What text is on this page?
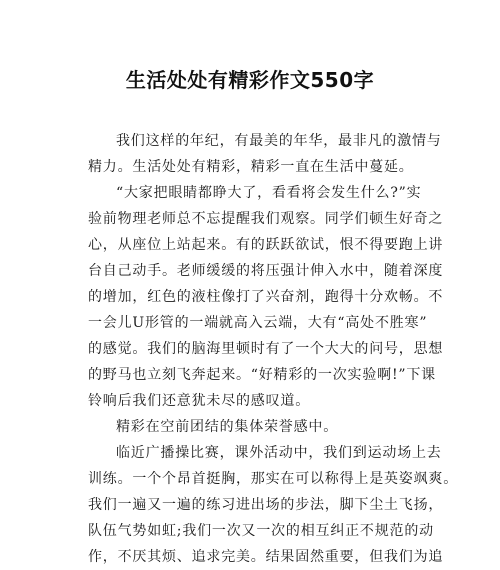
生活处处有精彩作文550字
我们这样的年纪，有最美的年华，最非凡的激情与
精力。生活处处有精彩，精彩一直在生活中蔓延。
“大家把眼睛都睁大了，看看将会发生什么?”实
验前物理老师总不忘提醒我们观察。同学们顿生好奇之
心，从座位上站起来。有的跃跃欲试，恨不得要跑上讲
台自己动手。老师缓缓的将压强计伸入水中，随着深度
的增加，红色的液柱像打了兴奋剂，跑得十分欢畅。不
一会儿U形管的一端就高入云端，大有“高处不胜寒”
的感觉。我们的脑海里顿时有了一个大大的问号，思想
的野马也立刻飞奔起来。“好精彩的一次实验啊!”下课
铃响后我们还意犹未尽的感叹道。
精彩在空前团结的集体荣誉感中。
临近广播操比赛，课外活动中，我们到运动场上去
训练。一个个昂首挺胸，那实在可以称得上是英姿飒爽。
我们一遍又一遍的练习进出场的步法，脚下尘土飞扬，
队伍气势如虹;我们一次又一次的相互纠正不规范的动
作，不厌其烦、追求完美。结果固然重要，但我们为追
